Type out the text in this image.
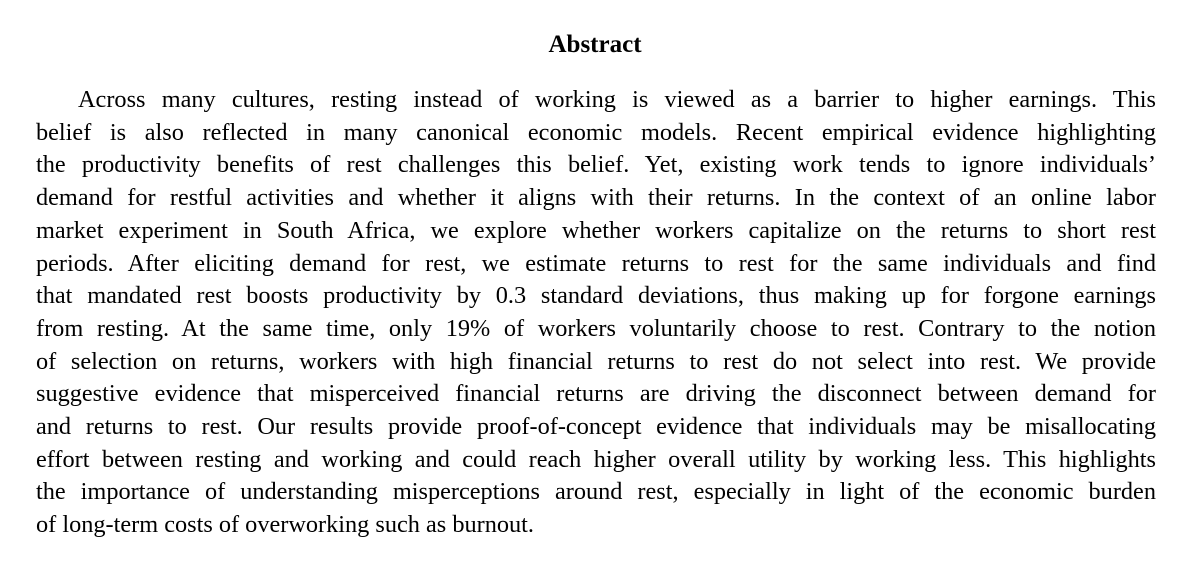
Abstract
Across many cultures, resting instead of working is viewed as a barrier to higher earnings. This
belief is also reflected in many canonical economic models. Recent empirical evidence highlighting
the productivity benefits of rest challenges this belief. Yet, existing work tends to ignore individuals’
demand for restful activities and whether it aligns with their returns. In the context of an online labor
market experiment in South Africa, we explore whether workers capitalize on the returns to short rest
periods. After eliciting demand for rest, we estimate returns to rest for the same individuals and find
that mandated rest boosts productivity by 0.3 standard deviations, thus making up for forgone earnings
from resting. At the same time, only 19% of workers voluntarily choose to rest. Contrary to the notion
of selection on returns, workers with high financial returns to rest do not select into rest. We provide
suggestive evidence that misperceived financial returns are driving the disconnect between demand for
and returns to rest. Our results provide proof-of-concept evidence that individuals may be misallocating
effort between resting and working and could reach higher overall utility by working less. This highlights
the importance of understanding misperceptions around rest, especially in light of the economic burden
of long-term costs of overworking such as burnout.
